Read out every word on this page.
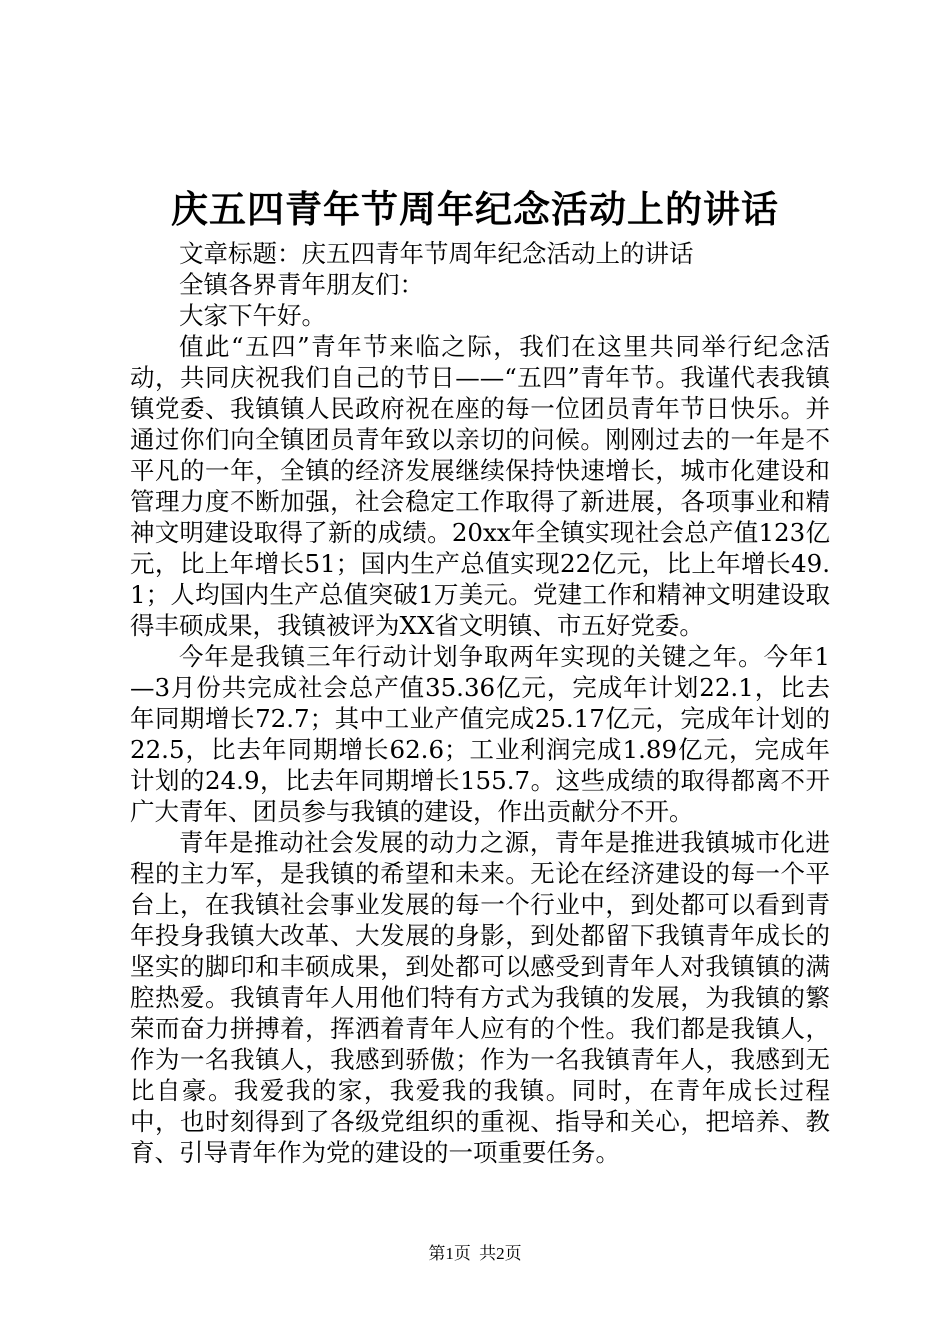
庆五四青年节周年纪念活动上的讲话

文章标题：庆五四青年节周年纪念活动上的讲话

全镇各界青年朋友们：

大家下午好。

值此“五四”青年节来临之际，我们在这里共同举行纪念活动，共同庆祝我们自己的节日——“五四”青年节。我谨代表我镇镇党委、我镇镇人民政府祝在座的每一位团员青年节日快乐。并通过你们向全镇团员青年致以亲切的问候。刚刚过去的一年是不平凡的一年，全镇的经济发展继续保持快速增长，城市化建设和管理力度不断加强，社会稳定工作取得了新进展，各项事业和精神文明建设取得了新的成绩。20xx年全镇实现社会总产值123亿元，比上年增长51；国内生产总值实现22亿元，比上年增长49.1；人均国内生产总值突破1万美元。党建工作和精神文明建设取得丰硕成果，我镇被评为XX省文明镇、市五好党委。

今年是我镇三年行动计划争取两年实现的关键之年。今年1—3月份共完成社会总产值35.36亿元，完成年计划22.1，比去年同期增长72.7；其中工业产值完成25.17亿元，完成年计划的22.5，比去年同期增长62.6；工业利润完成1.89亿元，完成年计划的24.9，比去年同期增长155.7。这些成绩的取得都离不开广大青年、团员参与我镇的建设，作出贡献分不开。

青年是推动社会发展的动力之源，青年是推进我镇城市化进程的主力军，是我镇的希望和未来。无论在经济建设的每一个平台上，在我镇社会事业发展的每一个行业中，到处都可以看到青年投身我镇大改革、大发展的身影，到处都留下我镇青年成长的坚实的脚印和丰硕成果，到处都可以感受到青年人对我镇镇的满腔热爱。我镇青年人用他们特有方式为我镇的发展，为我镇的繁荣而奋力拼搏着，挥洒着青年人应有的个性。我们都是我镇人，作为一名我镇人，我感到骄傲；作为一名我镇青年人，我感到无比自豪。我爱我的家，我爱我的我镇。同时，在青年成长过程中，也时刻得到了各级党组织的重视、指导和关心，把培养、教育、引导青年作为党的建设的一项重要任务。

第1页 共2页
